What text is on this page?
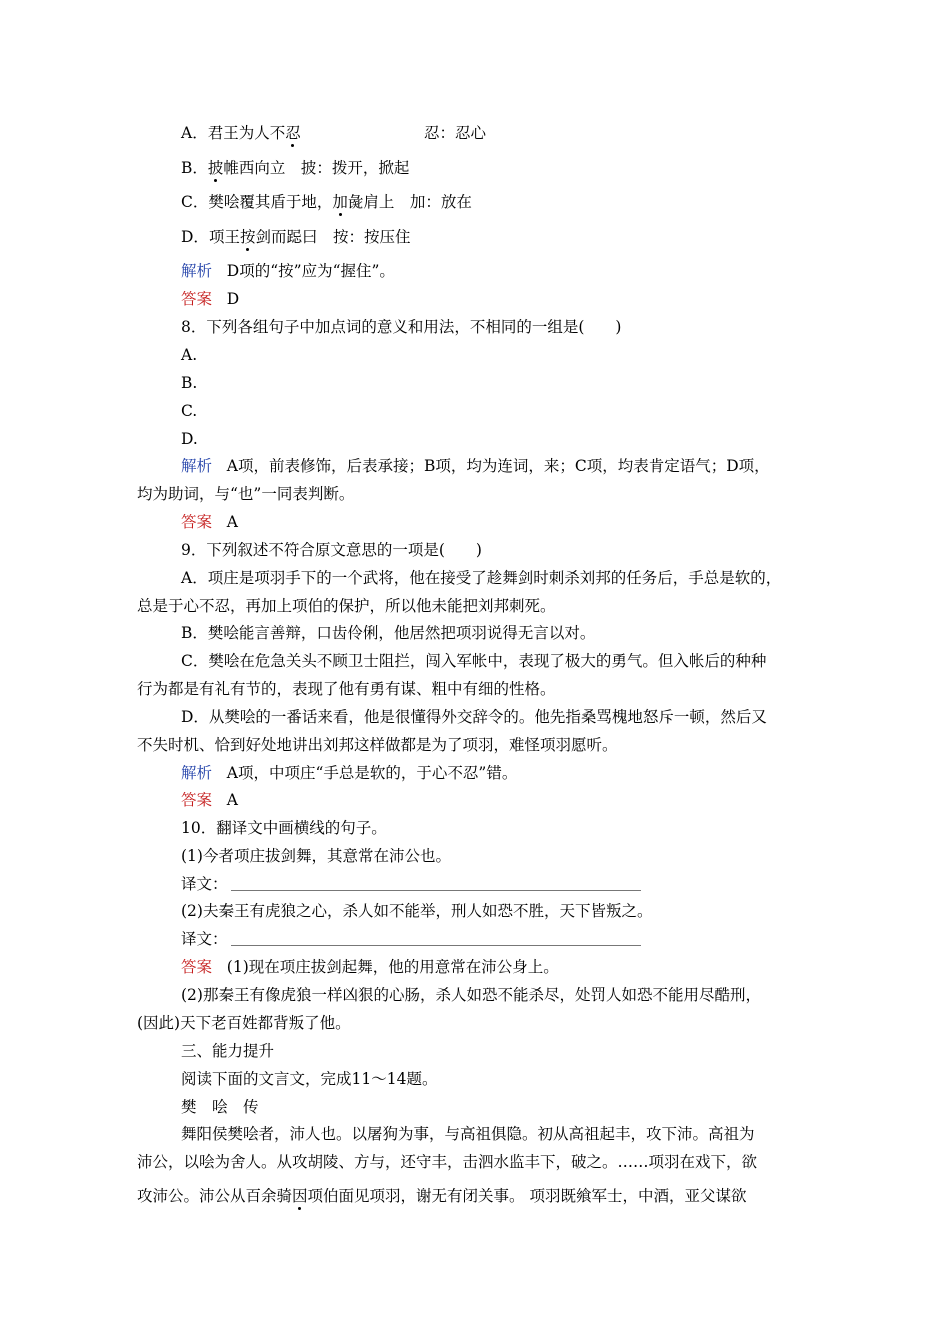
A．君王为人不忍	忍：忍心
B．披帷西向立　披：拨开，掀起
C．樊哙覆其盾于地，加彘肩上　加：放在
D．项王按剑而跽曰　按：按压住
解析 D项的“按”应为“握住”。
答案 D
8．下列各组句子中加点词的意义和用法，不相同的一组是(　　)
A.
B.
C.
D.
解析 A项，前表修饰，后表承接；B项，均为连词，来；C项，均表肯定语气；D项，
均为助词，与“也”一同表判断。
答案 A
9．下列叙述不符合原文意思的一项是(　　)
A．项庄是项羽手下的一个武将，他在接受了趁舞剑时刺杀刘邦的任务后，手总是软的，
总是于心不忍，再加上项伯的保护，所以他未能把刘邦刺死。
B．樊哙能言善辩，口齿伶俐，他居然把项羽说得无言以对。
C．樊哙在危急关头不顾卫士阻拦，闯入军帐中，表现了极大的勇气。但入帐后的种种
行为都是有礼有节的，表现了他有勇有谋、粗中有细的性格。
D．从樊哙的一番话来看，他是很懂得外交辞令的。他先指桑骂槐地怒斥一顿，然后又
不失时机、恰到好处地讲出刘邦这样做都是为了项羽，难怪项羽愿听。
解析 A项，中项庄“手总是软的，于心不忍”错。
答案 A
10．翻译文中画横线的句子。
(1)今者项庄拔剑舞，其意常在沛公也。
译文：
(2)夫秦王有虎狼之心，杀人如不能举，刑人如恐不胜，天下皆叛之。
译文：
答案 (1)现在项庄拔剑起舞，他的用意常在沛公身上。
(2)那秦王有像虎狼一样凶狠的心肠，杀人如恐不能杀尽，处罚人如恐不能用尽酷刑，
(因此)天下老百姓都背叛了他。
三、能力提升
阅读下面的文言文，完成11～14题。
樊　哙　传
舞阳侯樊哙者，沛人也。以屠狗为事，与高祖俱隐。初从高祖起丰，攻下沛。高祖为
沛公，以哙为舍人。从攻胡陵、方与，还守丰，击泗水监丰下，破之。……项羽在戏下，欲
攻沛公。沛公从百余骑因项伯面见项羽，谢无有闭关事。 项羽既飨军士，中酒，亚父谋欲
